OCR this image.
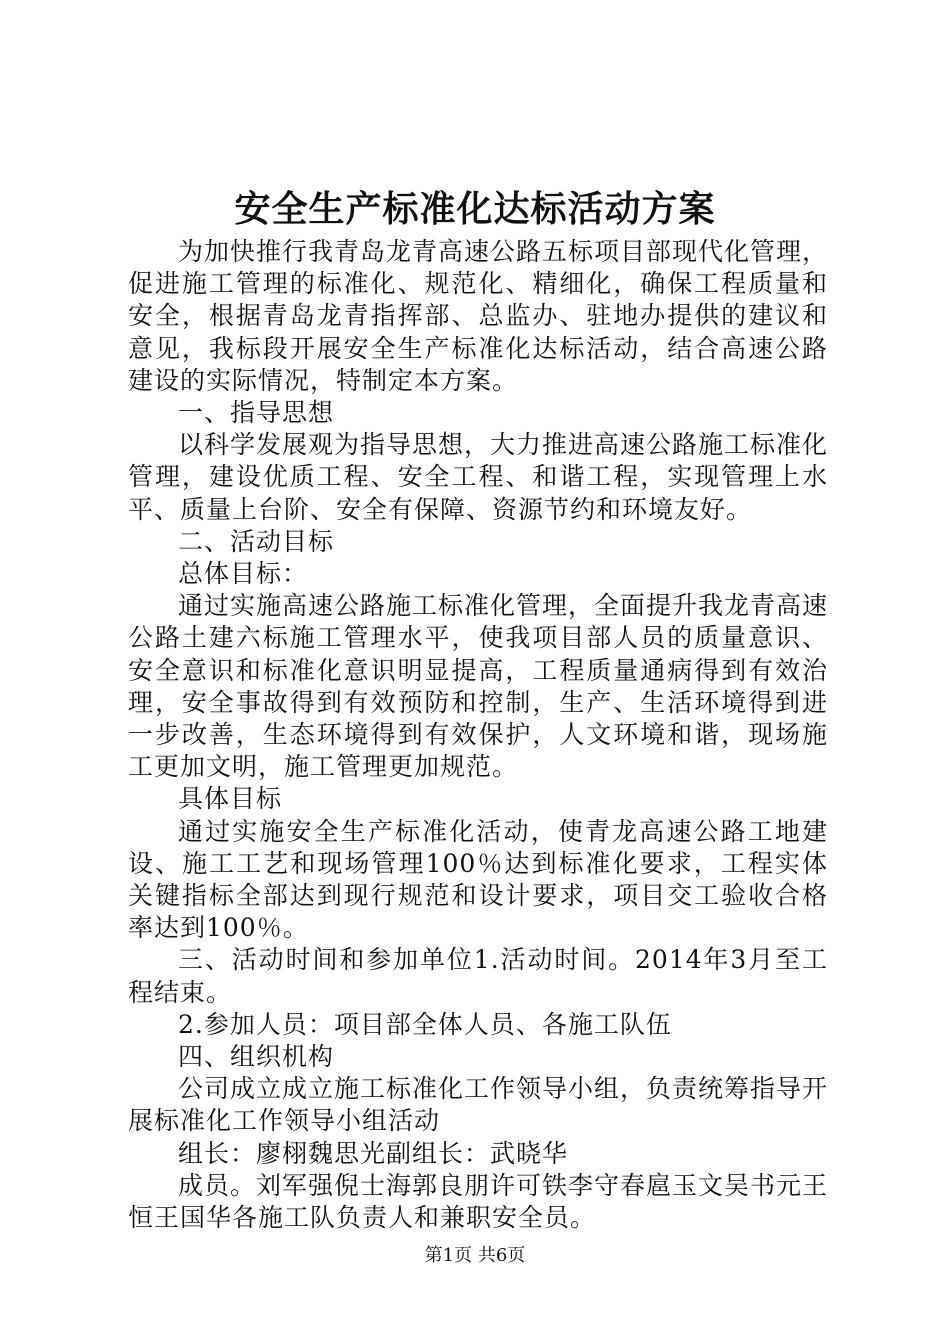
安全生产标准化达标活动方案

为加快推行我青岛龙青高速公路五标项目部现代化管理，促进施工管理的标准化、规范化、精细化，确保工程质量和安全，根据青岛龙青指挥部、总监办、驻地办提供的建议和意见，我标段开展安全生产标准化达标活动，结合高速公路建设的实际情况，特制定本方案。

一、指导思想

以科学发展观为指导思想，大力推进高速公路施工标准化管理，建设优质工程、安全工程、和谐工程，实现管理上水平、质量上台阶、安全有保障、资源节约和环境友好。

二、活动目标

总体目标：

通过实施高速公路施工标准化管理，全面提升我龙青高速公路土建六标施工管理水平，使我项目部人员的质量意识、安全意识和标准化意识明显提高，工程质量通病得到有效治理，安全事故得到有效预防和控制，生产、生活环境得到进一步改善，生态环境得到有效保护，人文环境和谐，现场施工更加文明，施工管理更加规范。

具体目标

通过实施安全生产标准化活动，使青龙高速公路工地建设、施工工艺和现场管理100％达到标准化要求，工程实体关键指标全部达到现行规范和设计要求，项目交工验收合格率达到100％。

三、活动时间和参加单位1.活动时间。2014年3月至工程结束。

2.参加人员：项目部全体人员、各施工队伍

四、组织机构

公司成立成立施工标准化工作领导小组，负责统筹指导开展标准化工作领导小组活动

组长：廖栩魏思光副组长：武晓华

成员。刘军强倪士海郭良朋许可铁李守春扈玉文吴书元王恒王国华各施工队负责人和兼职安全员。

第1页 共6页
